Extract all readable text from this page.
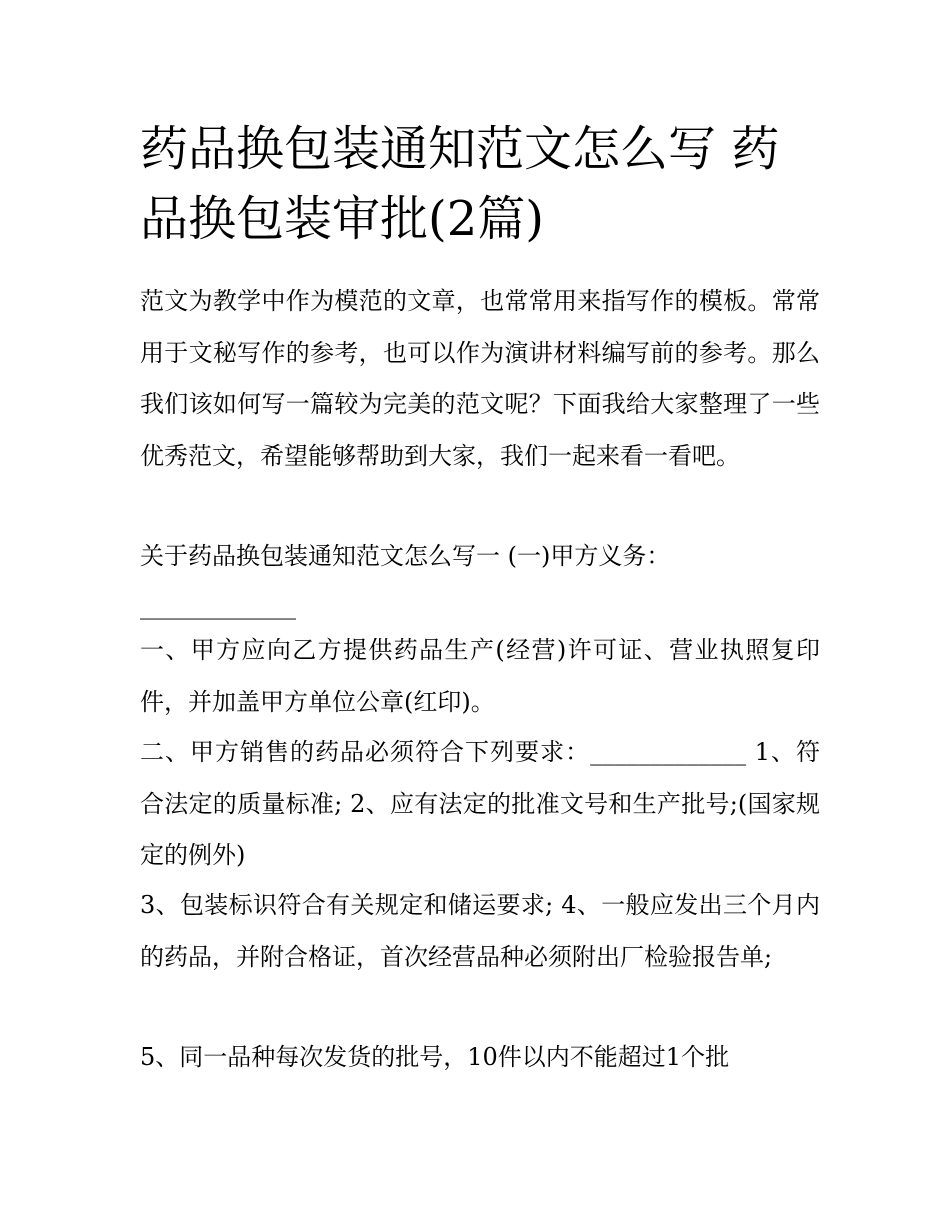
药品换包装通知范文怎么写 药品换包装审批(2篇)

范文为教学中作为模范的文章，也常常用来指写作的模板。常常用于文秘写作的参考，也可以作为演讲材料编写前的参考。那么我们该如何写一篇较为完美的范文呢？下面我给大家整理了一些优秀范文，希望能够帮助到大家，我们一起来看一看吧。

关于药品换包装通知范文怎么写一 (一)甲方义务：

_____________

一、甲方应向乙方提供药品生产(经营)许可证、营业执照复印件，并加盖甲方单位公章(红印)。

二、甲方销售的药品必须符合下列要求：_____________ 1、符合法定的质量标准; 2、应有法定的批准文号和生产批号;(国家规定的例外)

3、包装标识符合有关规定和储运要求; 4、一般应发出三个月内的药品，并附合格证，首次经营品种必须附出厂检验报告单;

5、同一品种每次发货的批号，10件以内不能超过1个批
